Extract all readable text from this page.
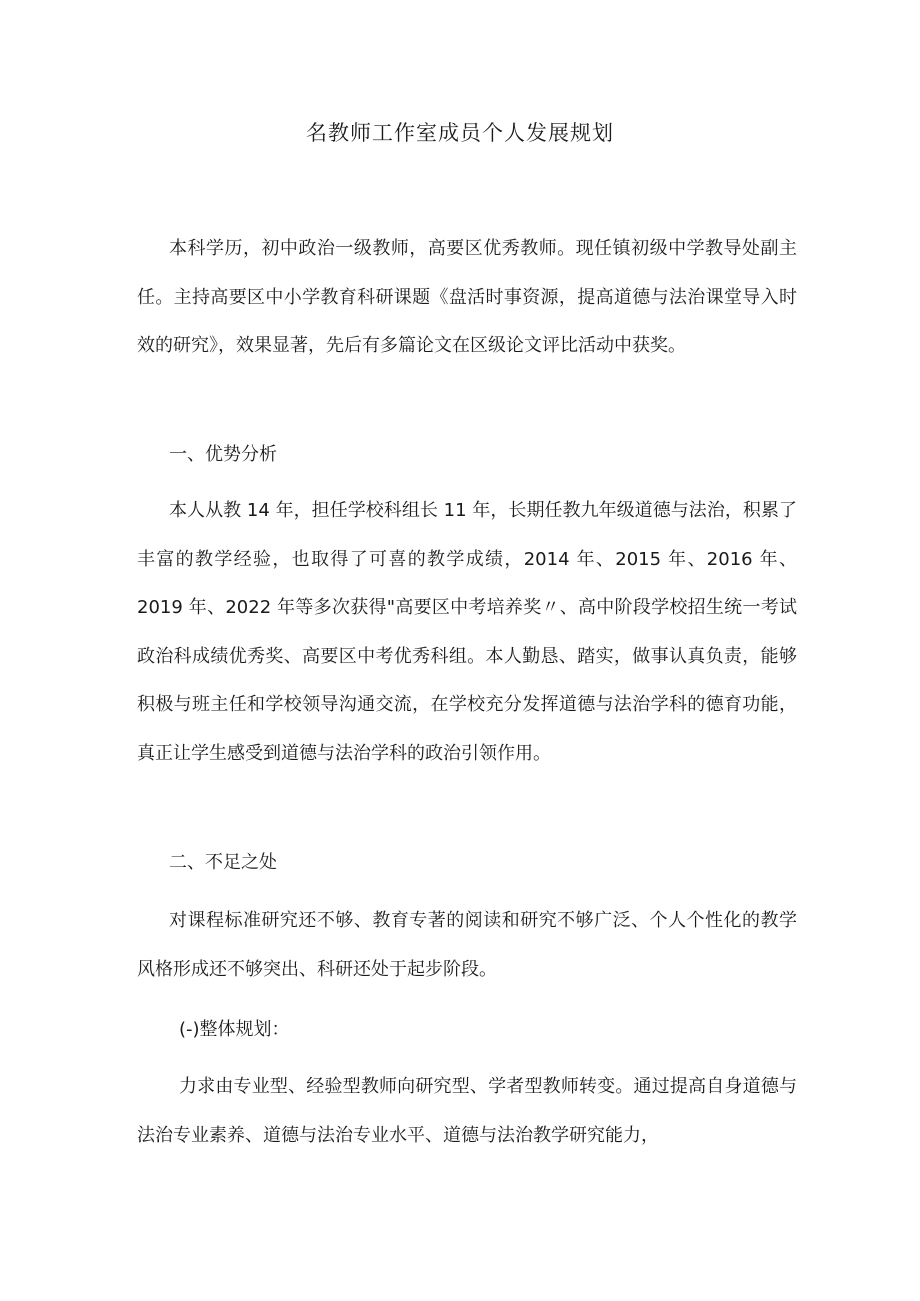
名教师工作室成员个人发展规划

本科学历，初中政治一级教师，高要区优秀教师。现任镇初级中学教导处副主任。主持高要区中小学教育科研课题《盘活时事资源，提高道德与法治课堂导入时效的研究》，效果显著，先后有多篇论文在区级论文评比活动中获奖。

一、优势分析

本人从教 14 年，担任学校科组长 11 年，长期任教九年级道德与法治，积累了丰富的教学经验，也取得了可喜的教学成绩，2014 年、2015 年、2016 年、2019 年、2022 年等多次获得"高要区中考培养奖〃、高中阶段学校招生统一考试政治科成绩优秀奖、高要区中考优秀科组。本人勤恳、踏实，做事认真负责，能够积极与班主任和学校领导沟通交流，在学校充分发挥道德与法治学科的德育功能，真正让学生感受到道德与法治学科的政治引领作用。

二、不足之处

对课程标准研究还不够、教育专著的阅读和研究不够广泛、个人个性化的教学风格形成还不够突出、科研还处于起步阶段。

(-)整体规划：

力求由专业型、经验型教师向研究型、学者型教师转变。通过提高自身道德与法治专业素养、道德与法治专业水平、道德与法治教学研究能力，
